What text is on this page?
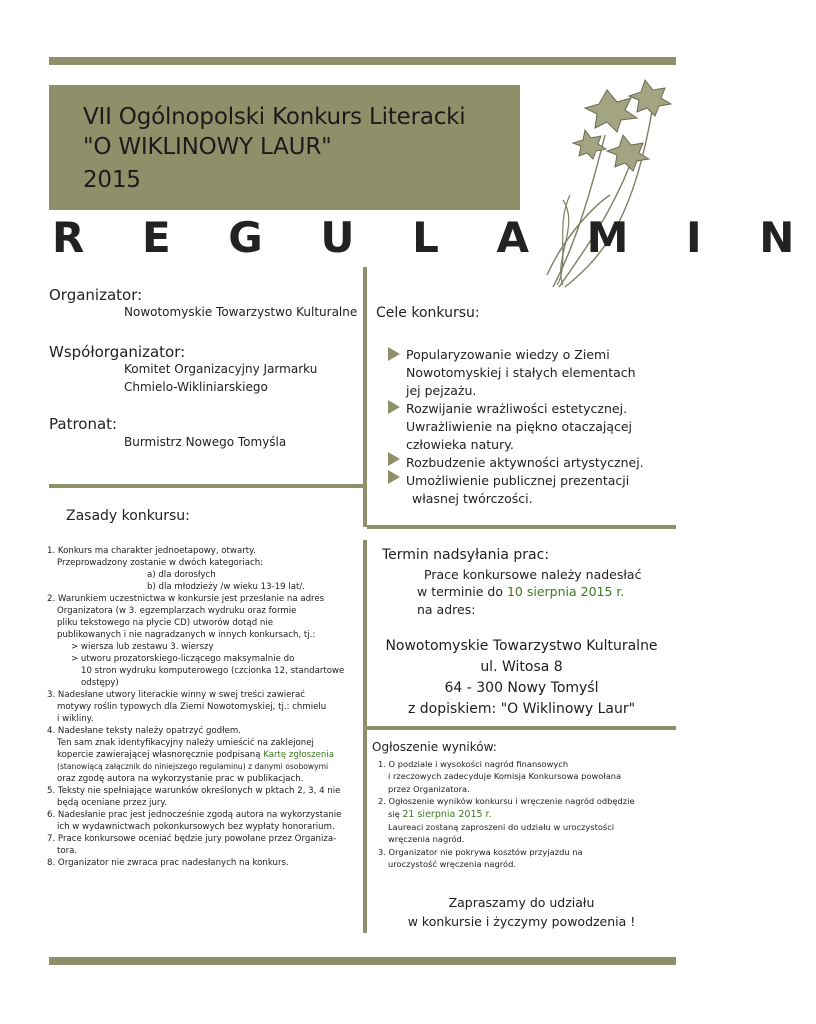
VII Ogólnopolski Konkurs Literacki
"O WIKLINOWY LAUR"
2015
R E G U L A M I N
Organizator:
Nowotomyskie Towarzystwo Kulturalne
Współorganizator:
Komitet Organizacyjny Jarmarku
Chmielo-Wikliniarskiego
Patronat:
Burmistrz Nowego Tomyśla
Cele konkursu:
Popularyzowanie wiedzy o Ziemi
Nowotomyskiej i stałych elementach
jej pejzażu.
Rozwijanie wrażliwości estetycznej.
Uwrażliwienie na piękno otaczającej
człowieka natury.
Rozbudzenie aktywności artystycznej.
Umożliwienie publicznej prezentacji
własnej twórczości.
Zasady konkursu:
1. Konkurs ma charakter jednoetapowy, otwarty.
Przeprowadzony zostanie w dwóch kategoriach:
a) dla dorosłych
b) dla młodzieży /w wieku 13-19 lat/.
2. Warunkiem uczestnictwa w konkursie jest przesłanie na adres
Organizatora (w 3. egzemplarzach wydruku oraz formie
pliku tekstowego na płycie CD) utworów dotąd nie
publikowanych i nie nagradzanych w innych konkursach, tj.:
> wiersza lub zestawu 3. wierszy
> utworu prozatorskiego-liczącego maksymalnie do
10 stron wydruku komputerowego (czcionka 12, standartowe
odstępy)
3. Nadesłane utwory literackie winny w swej treści zawierać
motywy roślin typowych dla Ziemi Nowotomyskiej, tj.: chmielu
i wikliny.
4. Nadesłane teksty należy opatrzyć godłem.
Ten sam znak identyfikacyjny należy umieścić na zaklejonej
kopercie zawierającej własnoręcznie podpisaną Kartę zgłoszenia
(stanowiącą załącznik do niniejszego regulaminu) z danymi osobowymi
oraz zgodę autora na wykorzystanie prac w publikacjach.
5. Teksty nie spełniające warunków określonych w pktach 2, 3, 4 nie
będą oceniane przez jury.
6. Nadesłanie prac jest jednocześnie zgodą autora na wykorzystanie
ich w wydawnictwach pokonkursowych bez wypłaty honorarium.
7. Prace konkursowe oceniać będzie jury powołane przez Organiza-
tora.
8. Organizator nie zwraca prac nadesłanych na konkurs.
Termin nadsyłania prac:
Prace konkursowe należy nadesłać
w terminie do 10 sierpnia 2015 r.
na adres:
Nowotomyskie Towarzystwo Kulturalne
ul. Witosa 8
64 - 300 Nowy Tomyśl
z dopiskiem: "O Wiklinowy Laur"
Ogłoszenie wyników:
1. O podziale i wysokości nagród finansowych
i rzeczowych zadecyduje Komisja Konkursowa powołana
przez Organizatora.
2. Ogłoszenie wyników konkursu i wręczenie nagród odbędzie
się 21 sierpnia 2015 r.
Laureaci zostaną zaproszeni do udziału w uroczystości
wręczenia nagród.
3. Organizator nie pokrywa kosztów przyjazdu na
uroczystość wręczenia nagród.
Zapraszamy do udziału
w konkursie i życzymy powodzenia !
